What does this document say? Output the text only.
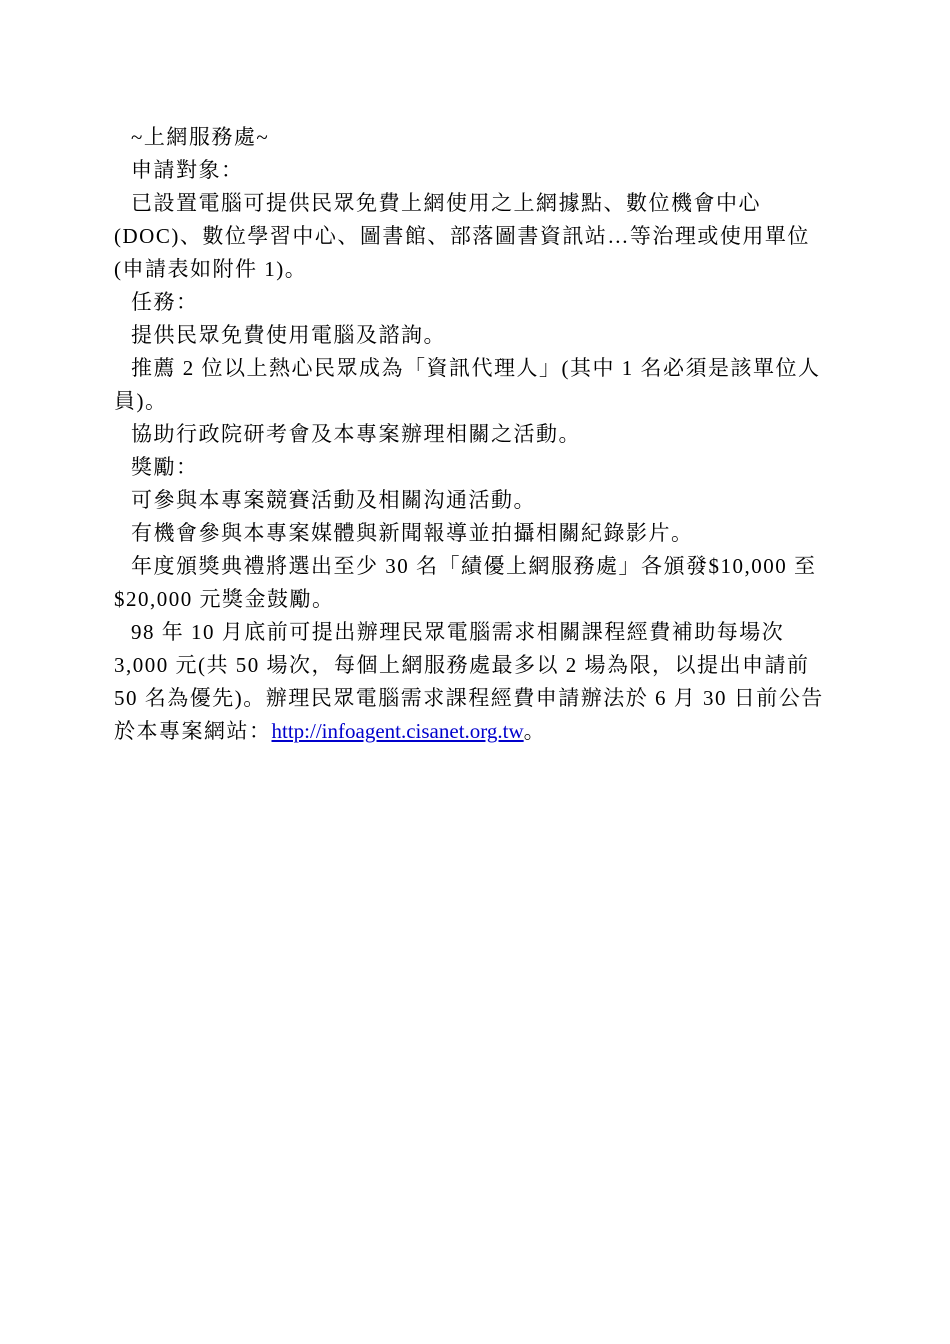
~上網服務處~

申請對象：

已設置電腦可提供民眾免費上網使用之上網據點、數位機會中心(DOC)、數位學習中心、圖書館、部落圖書資訊站…等治理或使用單位(申請表如附件 1)。

任務：

提供民眾免費使用電腦及諮詢。

推薦 2 位以上熱心民眾成為「資訊代理人」(其中 1 名必須是該單位人員)。

協助行政院研考會及本專案辦理相關之活動。

獎勵：

可參與本專案競賽活動及相關沟通活動。

有機會參與本專案媒體與新聞報導並拍攝相關紀錄影片。

年度頒獎典禮將選出至少 30 名「績優上網服務處」各頒發$10,000 至$20,000 元獎金鼓勵。

98 年 10 月底前可提出辦理民眾電腦需求相關課程經費補助每場次 3,000 元(共 50 場次，每個上網服務處最多以 2 場為限，以提出申請前 50 名為優先)。辦理民眾電腦需求課程經費申請辦法於 6 月 30 日前公告於本專案網站：http://infoagent.cisanet.org.tw。
